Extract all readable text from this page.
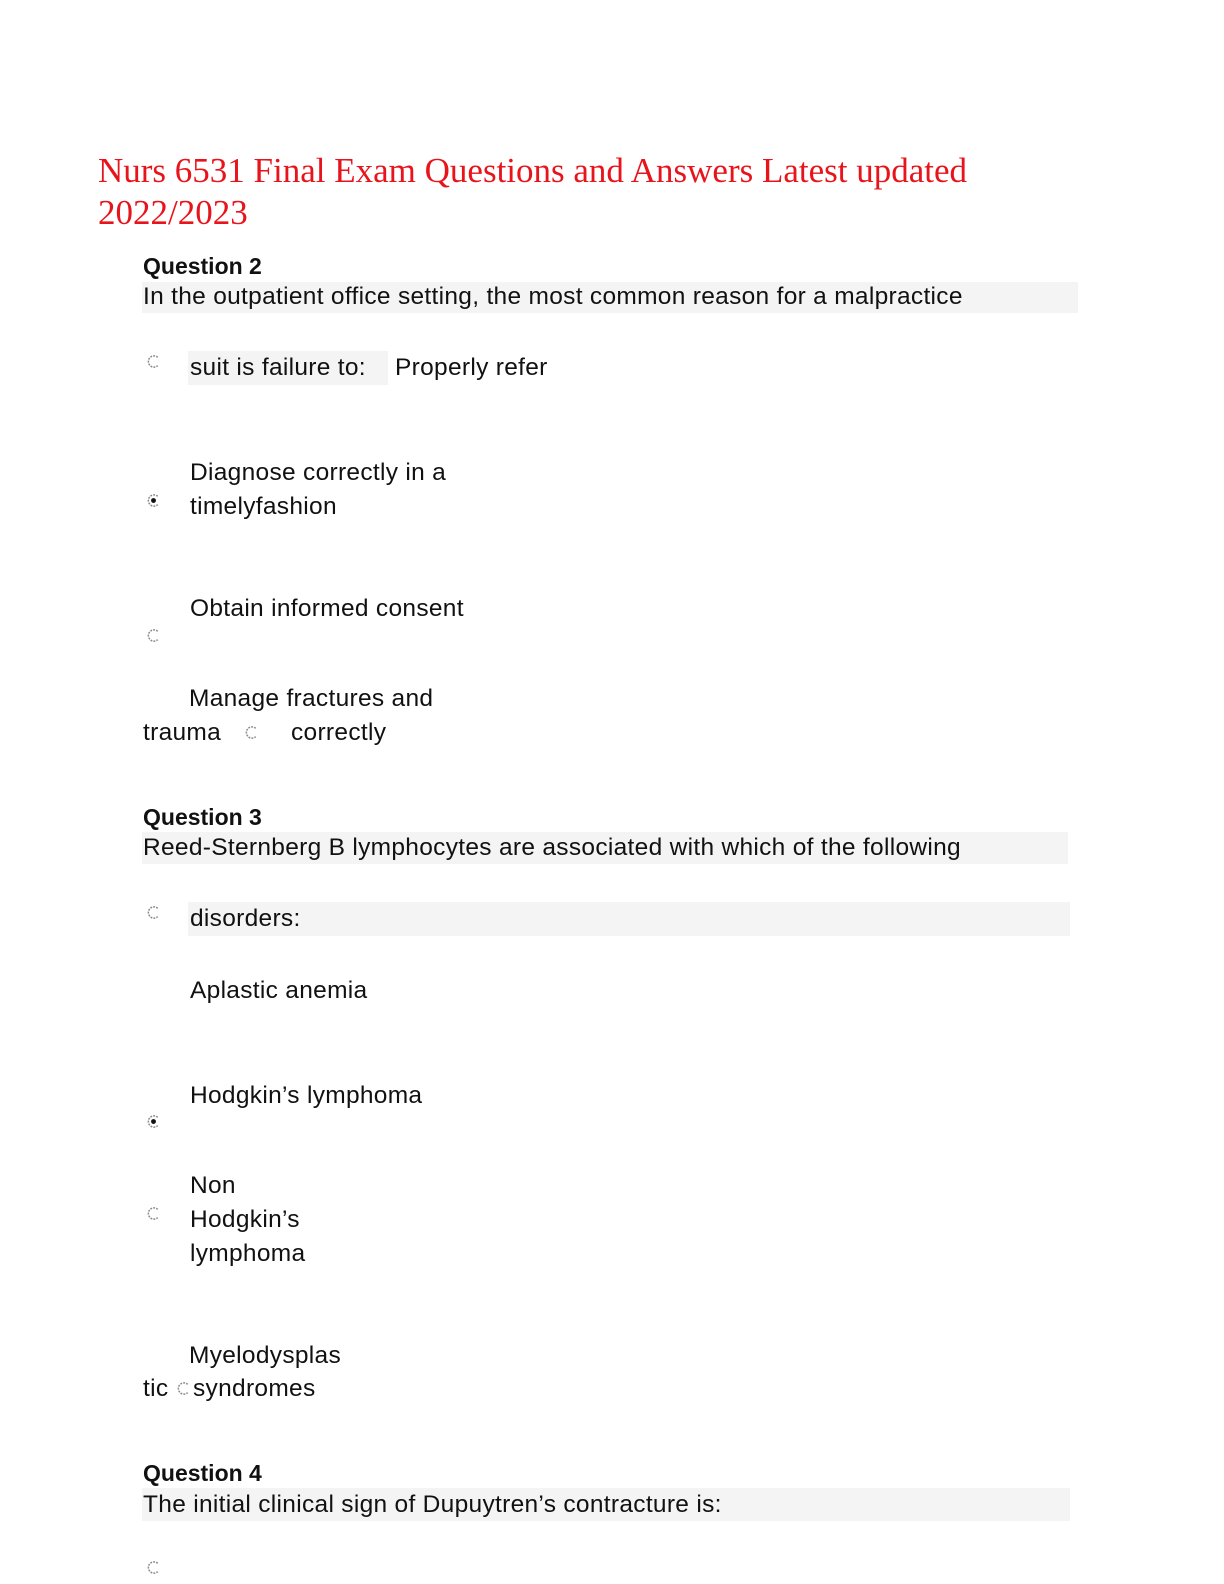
Nurs 6531 Final Exam Questions and Answers Latest updated
2022/2023
Question 2
In the outpatient office setting, the most common reason for a malpractice
suit is failure to: Properly refer
Diagnose correctly in a
timelyfashion
Obtain informed consent
Manage fractures and
trauma	correctly
Question 3
Reed-Sternberg B lymphocytes are associated with which of the following
disorders:
Aplastic anemia
Hodgkin’s lymphoma
Non
Hodgkin’s
lymphoma
Myelodysplas
tic syndromes
Question 4
The initial clinical sign of Dupuytren’s contracture is:
